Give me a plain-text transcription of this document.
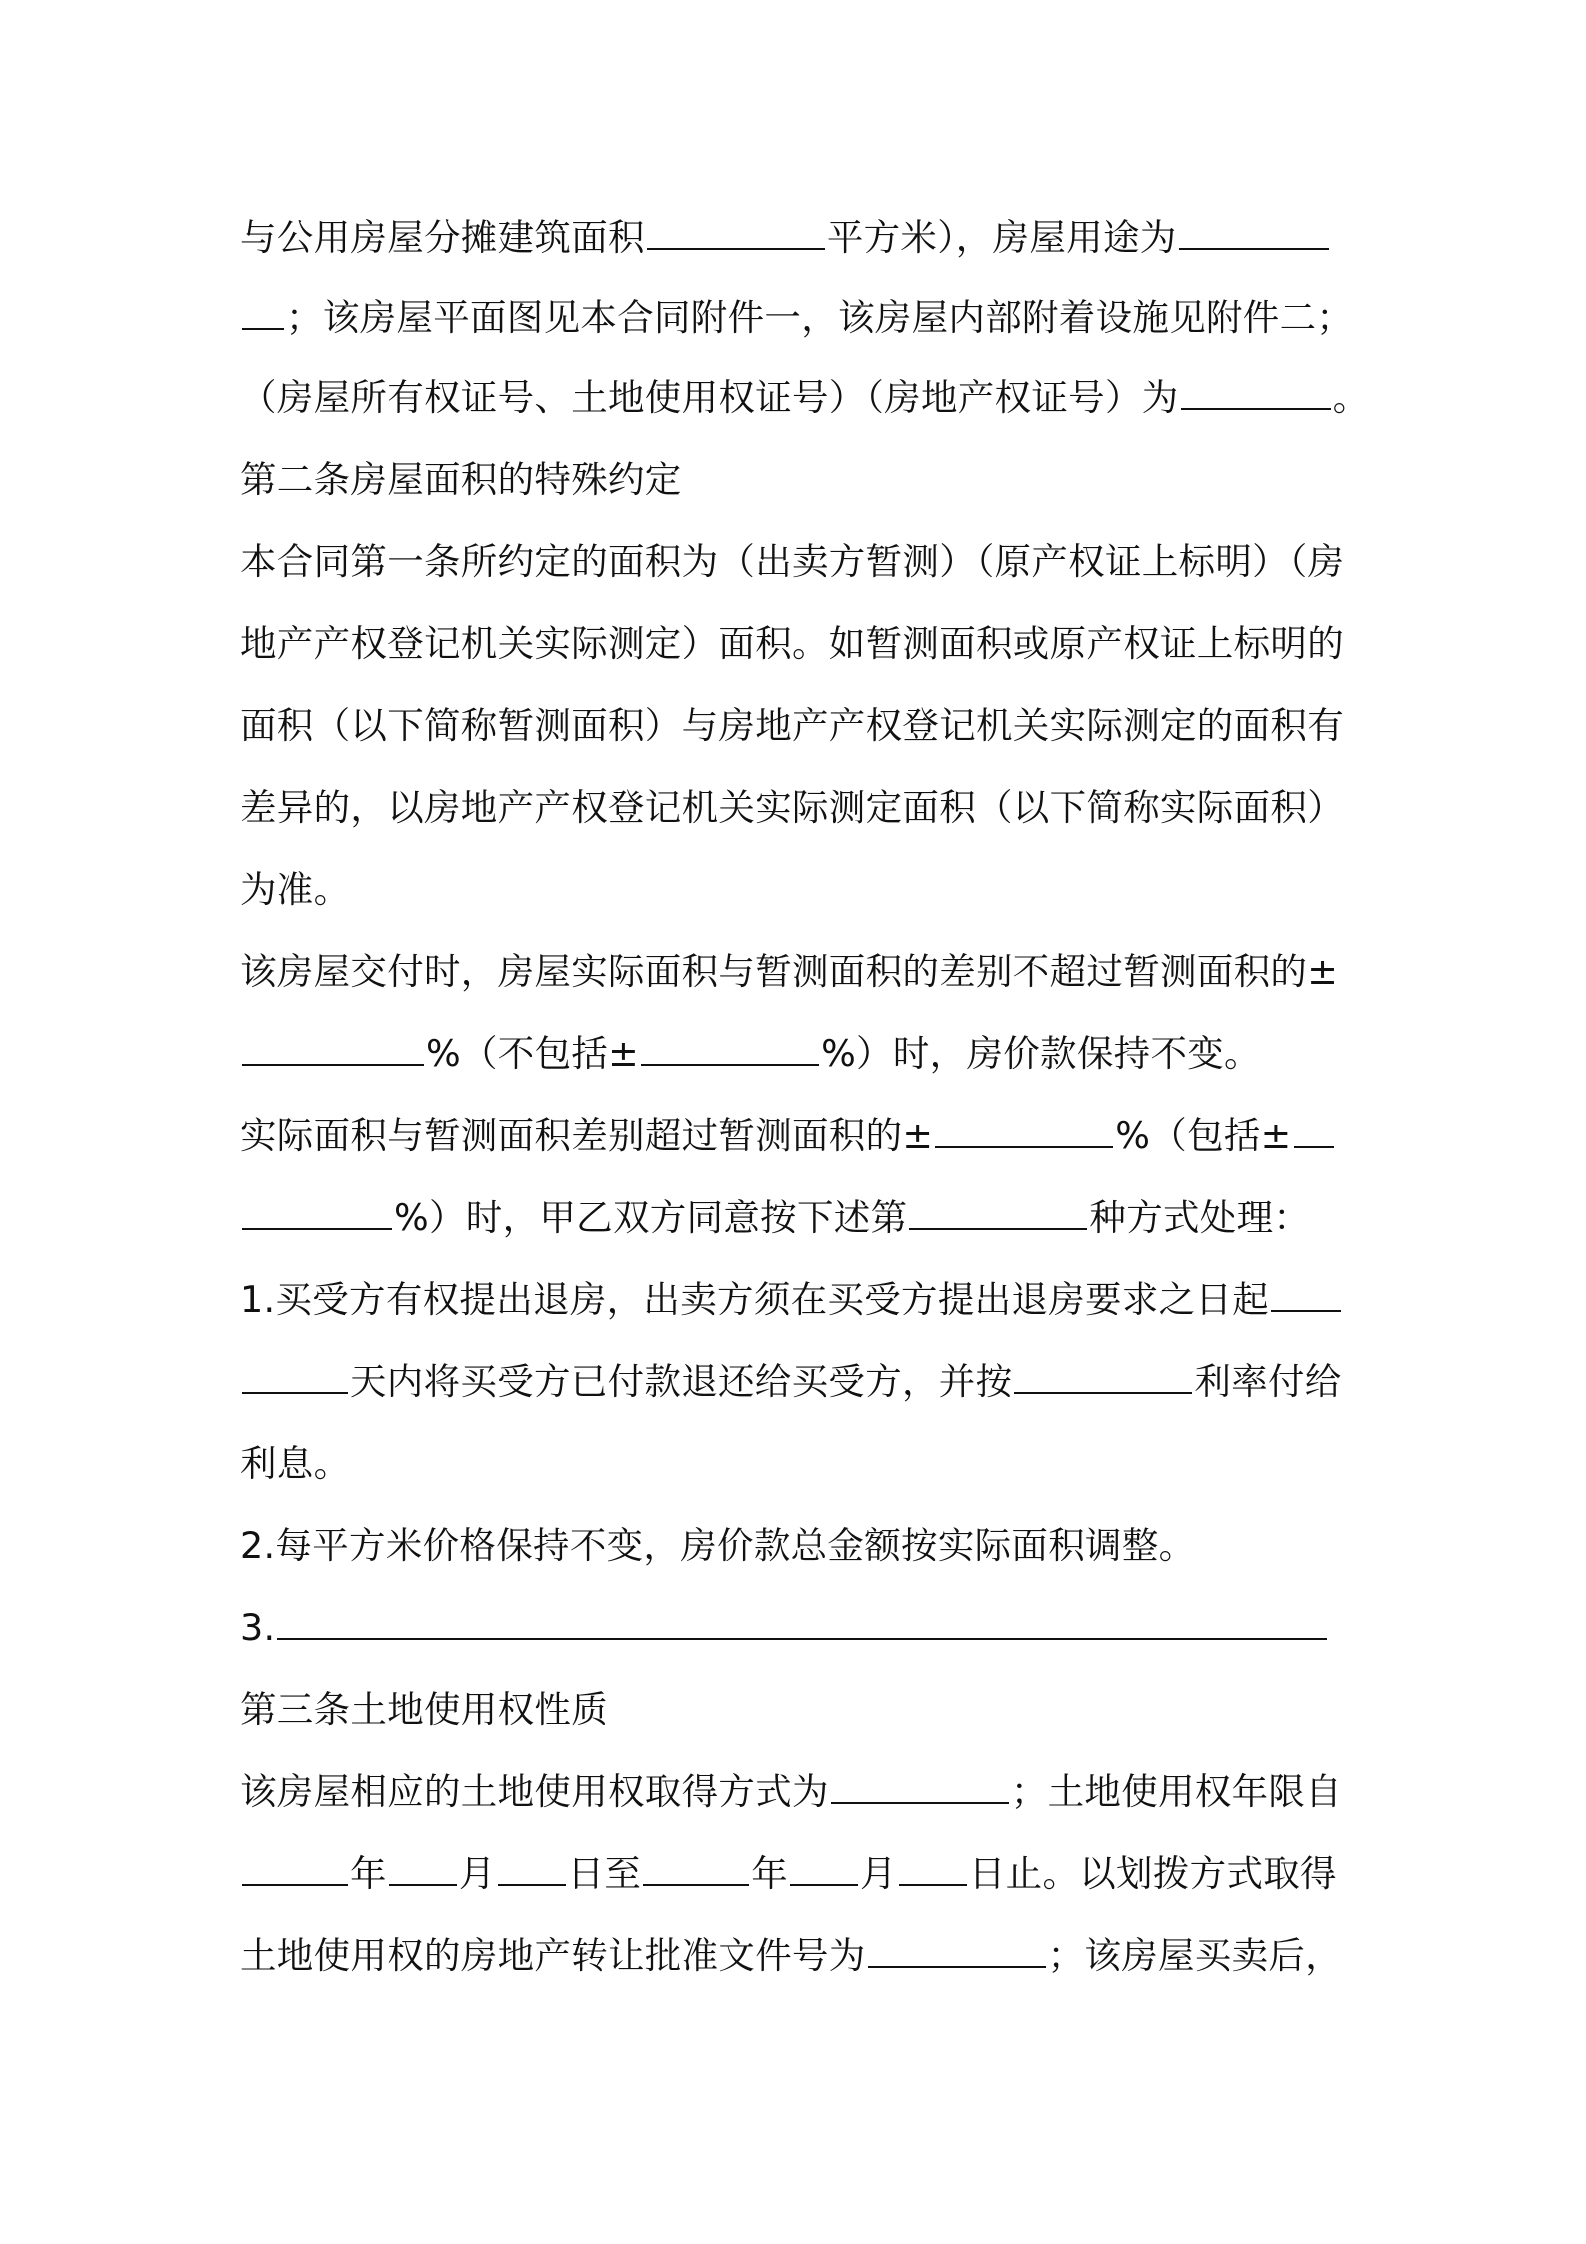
与公用房屋分摊建筑面积	平方米），房屋用途为
；该房屋平面图见本合同附件一，该房屋内部附着设施见附件二；
（房屋所有权证号、土地使用权证号）（房地产权证号）为	。
第二条房屋面积的特殊约定
本合同第一条所约定的面积为（出卖方暂测）（原产权证上标明）（房
地产产权登记机关实际测定）面积。如暂测面积或原产权证上标明的
面积（以下简称暂测面积）与房地产产权登记机关实际测定的面积有
差异的，以房地产产权登记机关实际测定面积（以下简称实际面积）
为准。
该房屋交付时，房屋实际面积与暂测面积的差别不超过暂测面积的±
%（不包括±	%）时，房价款保持不变。
实际面积与暂测面积差别超过暂测面积的±	%（包括±
%）时，甲乙双方同意按下述第	种方式处理：
1.买受方有权提出退房，出卖方须在买受方提出退房要求之日起
天内将买受方已付款退还给买受方，并按	利率付给
利息。
2.每平方米价格保持不变，房价款总金额按实际面积调整。
3.
第三条土地使用权性质
该房屋相应的土地使用权取得方式为	；土地使用权年限自
年 月 日至	年 月 日止。以划拨方式取得
土地使用权的房地产转让批准文件号为	；该房屋买卖后，
